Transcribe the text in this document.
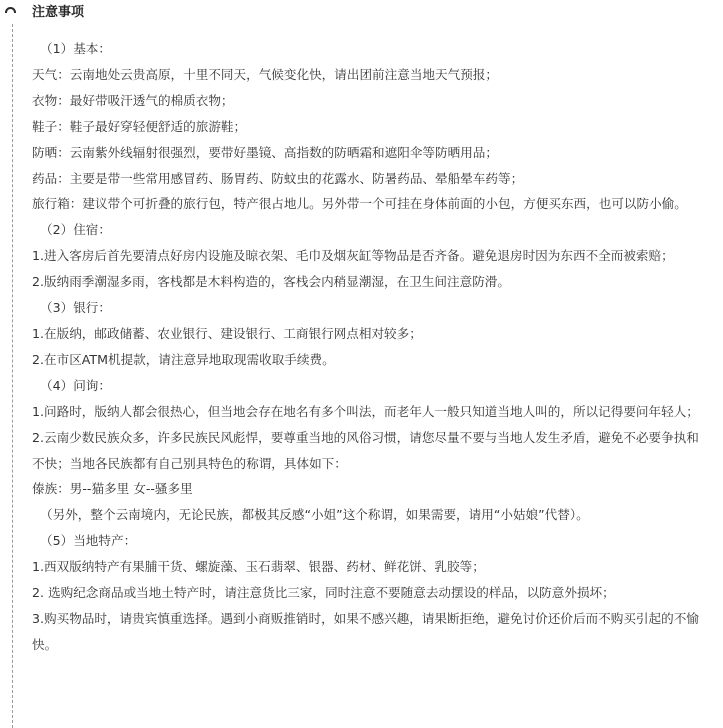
注意事项

（1）基本：

天气：云南地处云贵高原，十里不同天，气候变化快，请出团前注意当地天气预报；

衣物：最好带吸汗透气的棉质衣物；

鞋子：鞋子最好穿轻便舒适的旅游鞋；

防晒：云南紫外线辐射很强烈，要带好墨镜、高指数的防晒霜和遮阳伞等防晒用品；

药品：主要是带一些常用感冒药、肠胃药、防蚊虫的花露水、防暑药品、晕船晕车药等；

旅行箱：建议带个可折叠的旅行包，特产很占地儿。另外带一个可挂在身体前面的小包，方便买东西，也可以防小偷。

（2）住宿：

1.进入客房后首先要清点好房内设施及晾衣架、毛巾及烟灰缸等物品是否齐备。避免退房时因为东西不全而被索赔；

2.版纳雨季潮湿多雨，客栈都是木料构造的，客栈会内稍显潮湿，在卫生间注意防滑。

（3）银行：

1.在版纳，邮政储蓄、农业银行、建设银行、工商银行网点相对较多；

2.在市区ATM机提款，请注意异地取现需收取手续费。

（4）问询：

1.问路时，版纳人都会很热心，但当地会存在地名有多个叫法，而老年人一般只知道当地人叫的，所以记得要问年轻人；

2.云南少数民族众多，许多民族民风彪悍，要尊重当地的风俗习惯，请您尽量不要与当地人发生矛盾，避免不必要争执和不快；当地各民族都有自己别具特色的称谓，具体如下：

傣族：男--猫多里 女--骚多里

（另外，整个云南境内，无论民族，都极其反感“小姐”这个称谓，如果需要，请用“小姑娘”代替）。

（5）当地特产：

1.西双版纳特产有果脯干货、螺旋藻、玉石翡翠、银器、药材、鲜花饼、乳胶等；

2. 选购纪念商品或当地土特产时，请注意货比三家，同时注意不要随意去动摆设的样品，以防意外损坏；

3.购买物品时，请贵宾慎重选择。遇到小商贩推销时，如果不感兴趣，请果断拒绝，避免讨价还价后而不购买引起的不愉快。
